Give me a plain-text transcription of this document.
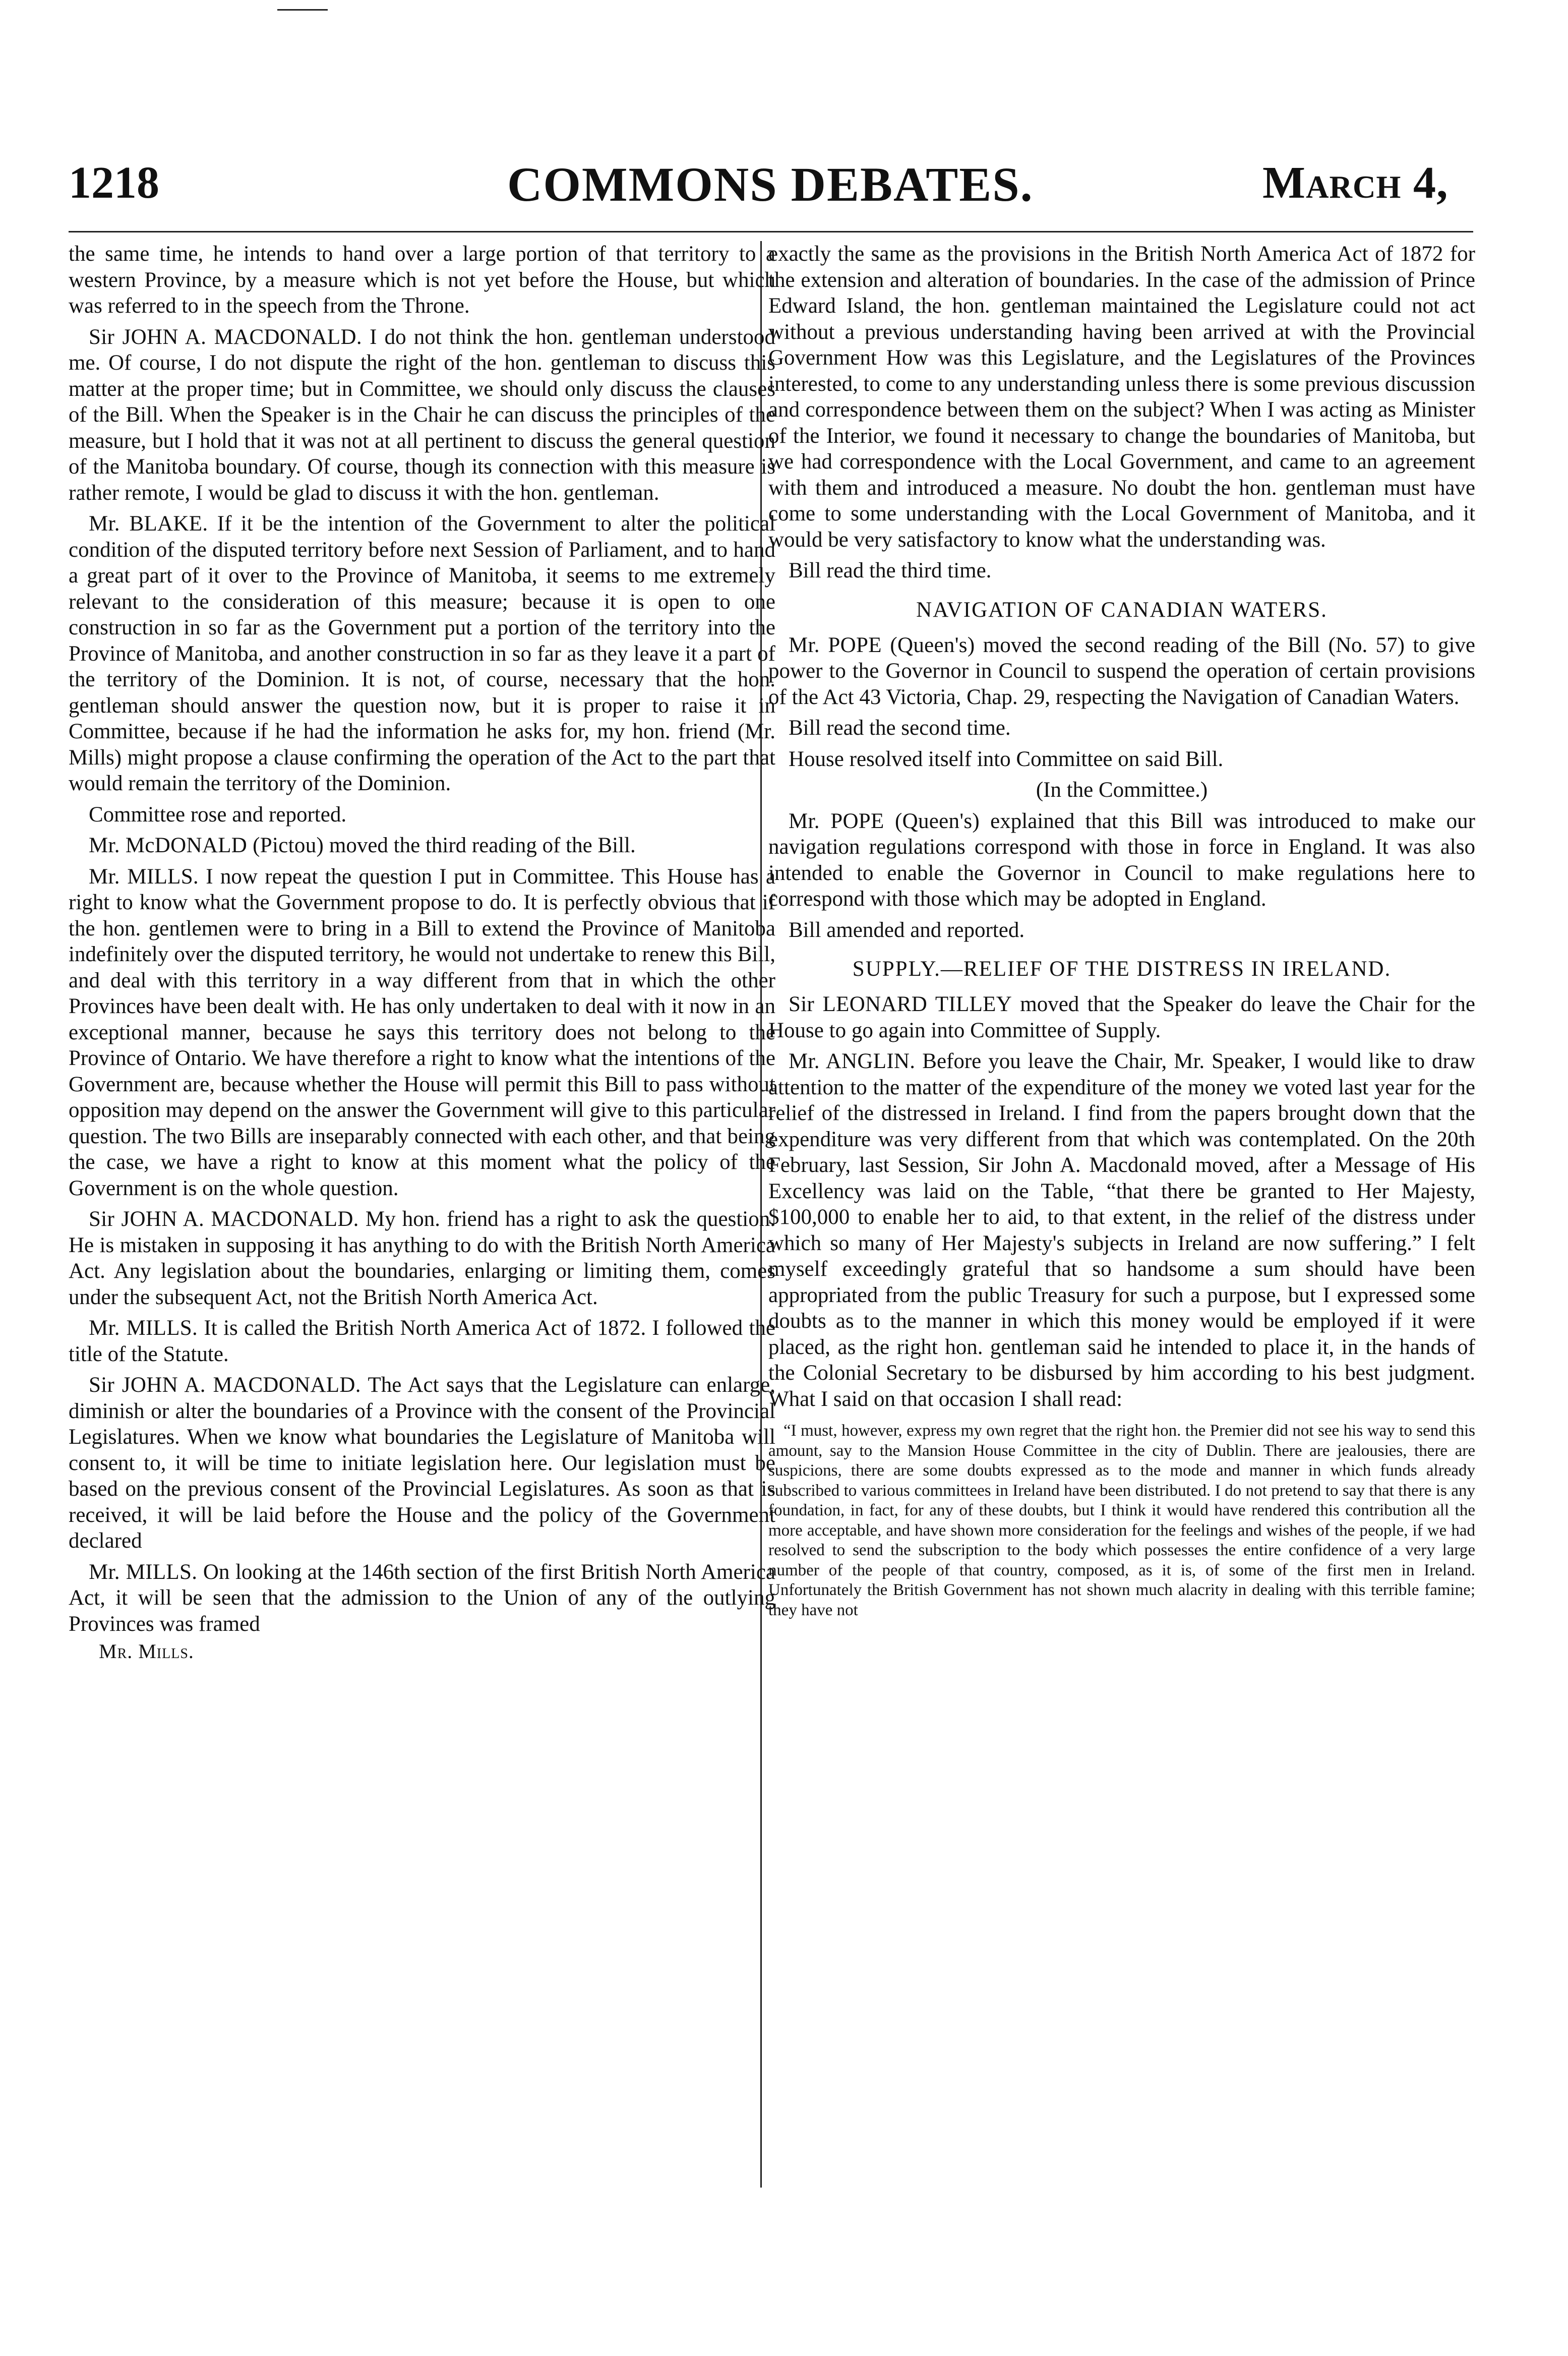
1218	COMMONS DEBATES.	March 4,

the same time, he intends to hand over a large portion of that territory to a western Province, by a measure which is not yet before the House, but which was referred to in the speech from the Throne.

Sir JOHN A. MACDONALD. I do not think the hon. gentleman understood me. Of course, I do not dispute the right of the hon. gentleman to discuss this matter at the proper time; but in Committee, we should only discuss the clauses of the Bill. When the Speaker is in the Chair he can discuss the principles of the measure, but I hold that it was not at all pertinent to discuss the general question of the Manitoba boundary. Of course, though its connection with this measure is rather remote, I would be glad to discuss it with the hon. gentleman.

Mr. BLAKE. If it be the intention of the Government to alter the political condition of the disputed territory before next Session of Parliament, and to hand a great part of it over to the Province of Manitoba, it seems to me extremely relevant to the consideration of this measure; because it is open to one construction in so far as the Government put a portion of the territory into the Province of Manitoba, and another construction in so far as they leave it a part of the territory of the Dominion. It is not, of course, necessary that the hon. gentleman should answer the question now, but it is proper to raise it in Committee, because if he had the information he asks for, my hon. friend (Mr. Mills) might propose a clause confirming the operation of the Act to the part that would remain the territory of the Dominion.

Committee rose and reported.

Mr. McDONALD (Pictou) moved the third reading of the Bill.

Mr. MILLS. I now repeat the question I put in Committee. This House has a right to know what the Government propose to do. It is perfectly obvious that if the hon. gentlemen were to bring in a Bill to extend the Province of Manitoba indefinitely over the disputed territory, he would not undertake to renew this Bill, and deal with this territory in a way different from that in which the other Provinces have been dealt with. He has only undertaken to deal with it now in an exceptional manner, because he says this territory does not belong to the Province of Ontario. We have therefore a right to know what the intentions of the Government are, because whether the House will permit this Bill to pass without opposition may depend on the answer the Government will give to this particular question. The two Bills are inseparably connected with each other, and that being the case, we have a right to know at this moment what the policy of the Government is on the whole question.

Sir JOHN A. MACDONALD. My hon. friend has a right to ask the question. He is mistaken in supposing it has anything to do with the British North America Act. Any legislation about the boundaries, enlarging or limiting them, comes under the subsequent Act, not the British North America Act.

Mr. MILLS. It is called the British North America Act of 1872. I followed the title of the Statute.

Sir JOHN A. MACDONALD. The Act says that the Legislature can enlarge, diminish or alter the boundaries of a Province with the consent of the Provincial Legislatures. When we know what boundaries the Legislature of Manitoba will consent to, it will be time to initiate legislation here. Our legislation must be based on the previous consent of the Provincial Legislatures. As soon as that is received, it will be laid before the House and the policy of the Government declared

Mr. MILLS. On looking at the 146th section of the first British North America Act, it will be seen that the admission to the Union of any of the outlying Provinces was framed

Mr. Mills.

exactly the same as the provisions in the British North America Act of 1872 for the extension and alteration of boundaries. In the case of the admission of Prince Edward Island, the hon. gentleman maintained the Legislature could not act without a previous understanding having been arrived at with the Provincial Government How was this Legislature, and the Legislatures of the Provinces interested, to come to any understanding unless there is some previous discussion and correspondence between them on the subject? When I was acting as Minister of the Interior, we found it necessary to change the boundaries of Manitoba, but we had correspondence with the Local Government, and came to an agreement with them and introduced a measure. No doubt the hon. gentleman must have come to some understanding with the Local Government of Manitoba, and it would be very satisfactory to know what the understanding was.

Bill read the third time.

NAVIGATION OF CANADIAN WATERS.

Mr. POPE (Queen's) moved the second reading of the Bill (No. 57) to give power to the Governor in Council to suspend the operation of certain provisions of the Act 43 Victoria, Chap. 29, respecting the Navigation of Canadian Waters.

Bill read the second time.

House resolved itself into Committee on said Bill.

(In the Committee.)

Mr. POPE (Queen's) explained that this Bill was introduced to make our navigation regulations correspond with those in force in England. It was also intended to enable the Governor in Council to make regulations here to correspond with those which may be adopted in England.

Bill amended and reported.

SUPPLY.—RELIEF OF THE DISTRESS IN IRELAND.

Sir LEONARD TILLEY moved that the Speaker do leave the Chair for the House to go again into Committee of Supply.

Mr. ANGLIN. Before you leave the Chair, Mr. Speaker, I would like to draw attention to the matter of the expenditure of the money we voted last year for the relief of the distressed in Ireland. I find from the papers brought down that the expenditure was very different from that which was contemplated. On the 20th February, last Session, Sir John A. Macdonald moved, after a Message of His Excellency was laid on the Table, “that there be granted to Her Majesty, $100,000 to enable her to aid, to that extent, in the relief of the distress under which so many of Her Majesty's subjects in Ireland are now suffering.” I felt myself exceedingly grateful that so handsome a sum should have been appropriated from the public Treasury for such a purpose, but I expressed some doubts as to the manner in which this money would be employed if it were placed, as the right hon. gentleman said he intended to place it, in the hands of the Colonial Secretary to be disbursed by him according to his best judgment. What I said on that occasion I shall read:

“I must, however, express my own regret that the right hon. the Premier did not see his way to send this amount, say to the Mansion House Committee in the city of Dublin. There are jealousies, there are suspicions, there are some doubts expressed as to the mode and manner in which funds already subscribed to various committees in Ireland have been distributed. I do not pretend to say that there is any foundation, in fact, for any of these doubts, but I think it would have rendered this contribution all the more acceptable, and have shown more consideration for the feelings and wishes of the people, if we had resolved to send the subscription to the body which possesses the entire confidence of a very large number of the people of that country, composed, as it is, of some of the first men in Ireland. Unfortunately the British Government has not shown much alacrity in dealing with this terrible famine; they have not
